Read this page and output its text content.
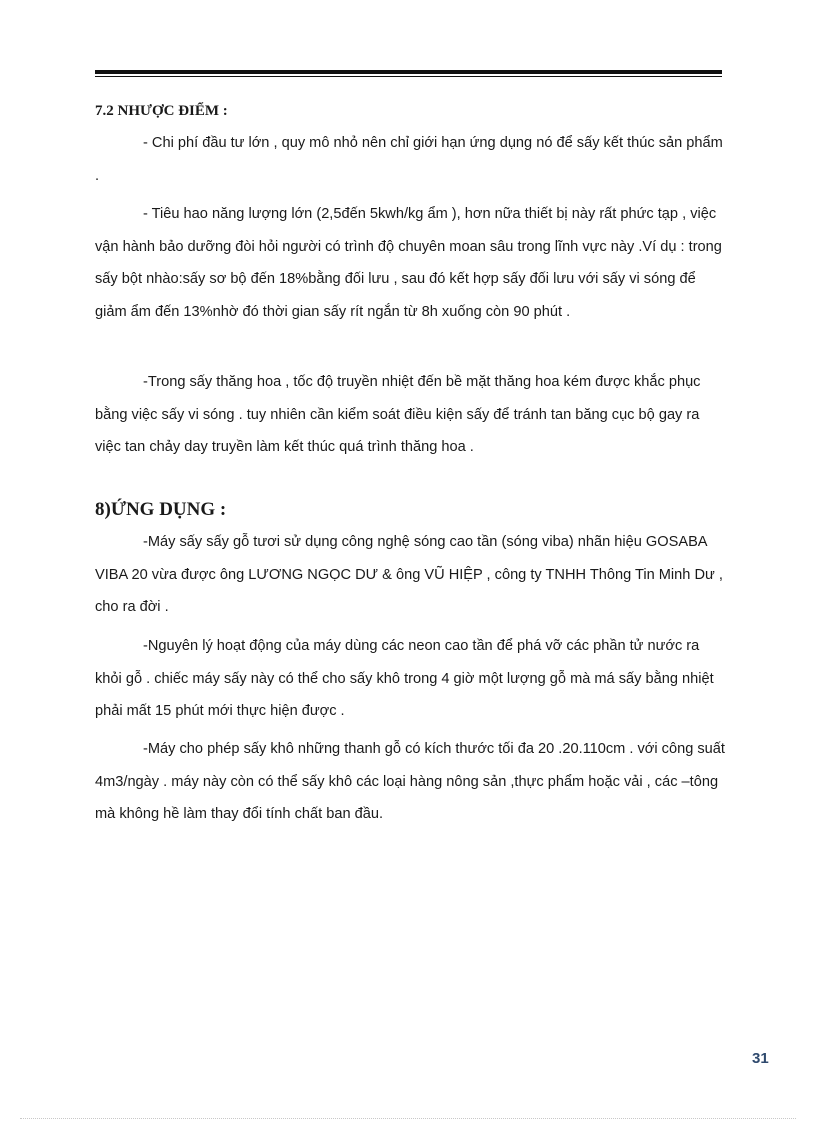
7.2 NHƯỢC ĐIỂM :

- Chi phí đầu tư lớn , quy mô nhỏ nên chỉ giới hạn ứng dụng nó để sấy kết thúc sản phẩm .

- Tiêu hao năng lượng lớn (2,5đến 5kwh/kg ẩm ), hơn nữa thiết bị này rất phức tạp , việc vận hành bảo dưỡng đòi hỏi người có trình độ chuyên moan sâu trong lĩnh vực này .Ví dụ : trong sấy bột nhào:sấy sơ bộ đến 18%bằng đối lưu , sau đó kết hợp sấy đối lưu với sấy vi sóng để giảm ẩm đến 13%nhờ đó thời gian sấy rít ngắn từ 8h xuống còn 90 phút .

-Trong sấy thăng hoa , tốc độ truyền nhiệt đến bề mặt thăng hoa kém được khắc phục bằng việc sấy vi sóng . tuy nhiên cần kiểm soát điều kiện sấy để tránh tan băng cục bộ gay ra việc tan chảy day truyền làm kết thúc quá trình thăng hoa .

8)ỨNG DỤNG :

-Máy sấy sấy gỗ tươi sử dụng công nghệ sóng cao tần (sóng viba) nhãn hiệu GOSABA VIBA 20 vừa được ông LƯƠNG NGỌC DƯ & ông VŨ HIỆP , công ty TNHH Thông Tin Minh Dư , cho ra đời .

-Nguyên lý hoạt động của máy dùng các neon cao tần để phá vỡ các phần tử nước ra khỏi gỗ . chiếc máy sấy này có thể cho sấy khô trong 4 giờ một lượng gỗ mà má sấy bằng nhiệt phải mất 15 phút mới thực hiện được .

-Máy cho phép sấy khô những thanh gỗ có kích thước tối đa 20 .20.110cm . với công suất 4m3/ngày . máy này còn có thể sấy khô các loại hàng nông sản ,thực phẩm hoặc vải , các –tông mà không hề làm thay đổi tính chất ban đầu.

31
